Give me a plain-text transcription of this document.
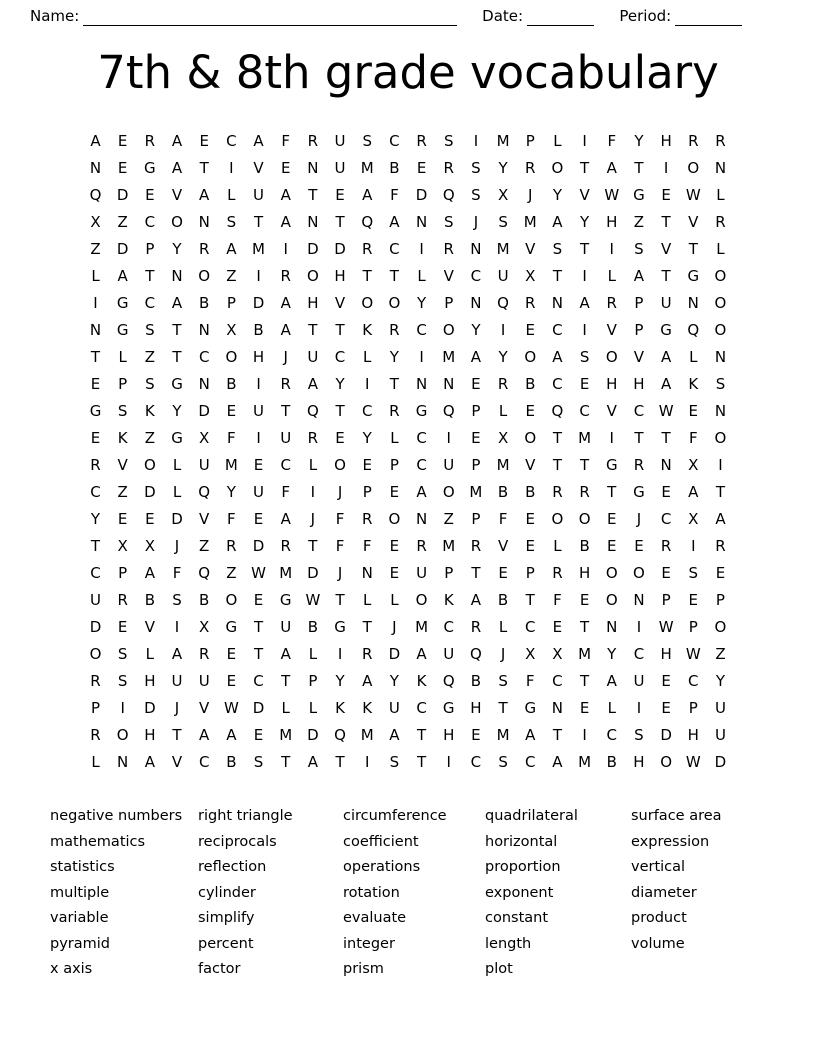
Name:	Date:	Period:
7th & 8th grade vocabulary
A	E	R	A	E	C	A	F	R	U	S	C	R	S	I	M	P	L	I	F	Y	H	R	R
N	E	G	A	T	I	V	E	N	U	M	B	E	R	S	Y	R	O	T	A	T	I	O	N
Q	D	E	V	A	L	U	A	T	E	A	F	D	Q	S	X	J	Y	V W G	E	W	L
X	Z	C	O	N	S	T	A	N	T	Q	A	N	S	J	S	M	A	Y	H	Z	T	V	R
Z	D	P	Y	R	A	M	I	D	D	R	C	I	R	N	M	V	S	T	I	S	V	T	L
L	A	T	N	O	Z	I	R	O	H	T	T	L	V	C	U	X	T	I	L	A	T	G	O
I	G	C	A	B	P	D	A	H	V	O	O	Y	P	N	Q	R	N	A	R	P	U	N	O
N	G	S	T	N	X	B	A	T	T	K	R	C	O	Y	I	E	C	I	V	P	G	Q	O
T	L	Z	T	C	O	H	J	U	C	L	Y	I	M	A	Y	O	A	S	O	V	A	L	N
E	P	S	G	N	B	I	R	A	Y	I	T	N	N	E	R	B	C	E	H	H	A	K	S
G	S	K	Y	D	E	U	T	Q	T	C	R	G	Q	P	L	E	Q	C	V	C W	E	N
E	K	Z	G	X	F	I	U	R	E	Y	L	C	I	E	X	O	T	M	I	T	T	F	O
R	V	O	L	U	M	E	C	L	O	E	P	C	U	P	M	V	T	T	G	R	N	X	I
C	Z	D	L	Q	Y	U	F	I	J	P	E	A	O M	B	B	R	R	T	G	E	A	T
Y	E	E	D	V	F	E	A	J	F	R	O	N	Z	P	F	E	O	O	E	J	C	X	A
T	X	X	J	Z	R	D	R	T	F	F	E	R	M	R	V	E	L	B	E	E	R	I	R
C	P	A	F	Q	Z W M D	J	N	E	U	P	T	E	P	R	H	O	O	E	S	E
U	R	B	S	B	O	E	G W	T	L	L	O	K	A	B	T	F	E	O	N	P	E	P
D	E	V	I	X	G	T	U	B	G	T	J	M	C	R	L	C	E	T	N	I	W	P	O
O	S	L	A	R	E	T	A	L	I	R	D	A	U	Q	J	X	X	M	Y	C	H W Z
R	S	H	U	U	E	C	T	P	Y	A	Y	K	Q	B	S	F	C	T	A	U	E	C	Y
P	I	D	J	V W D	L	L	K	K	U	C	G	H	T	G	N	E	L	I	E	P	U
R	O	H	T	A	A	E	M D	Q M	A	T	H	E	M	A	T	I	C	S	D	H	U
L	N	A	V	C	B	S	T	A	T	I	S	T	I	C	S	C	A	M	B	H	O W D
negative numbers
mathematics
statistics
multiple
variable
pyramid
x axis
right triangle
reciprocals
reflection
cylinder
simplify
percent
factor
circumference
coefficient
operations
rotation
evaluate
integer
prism
quadrilateral
horizontal
proportion
exponent
constant
length
plot
surface area
expression
vertical
diameter
product
volume
